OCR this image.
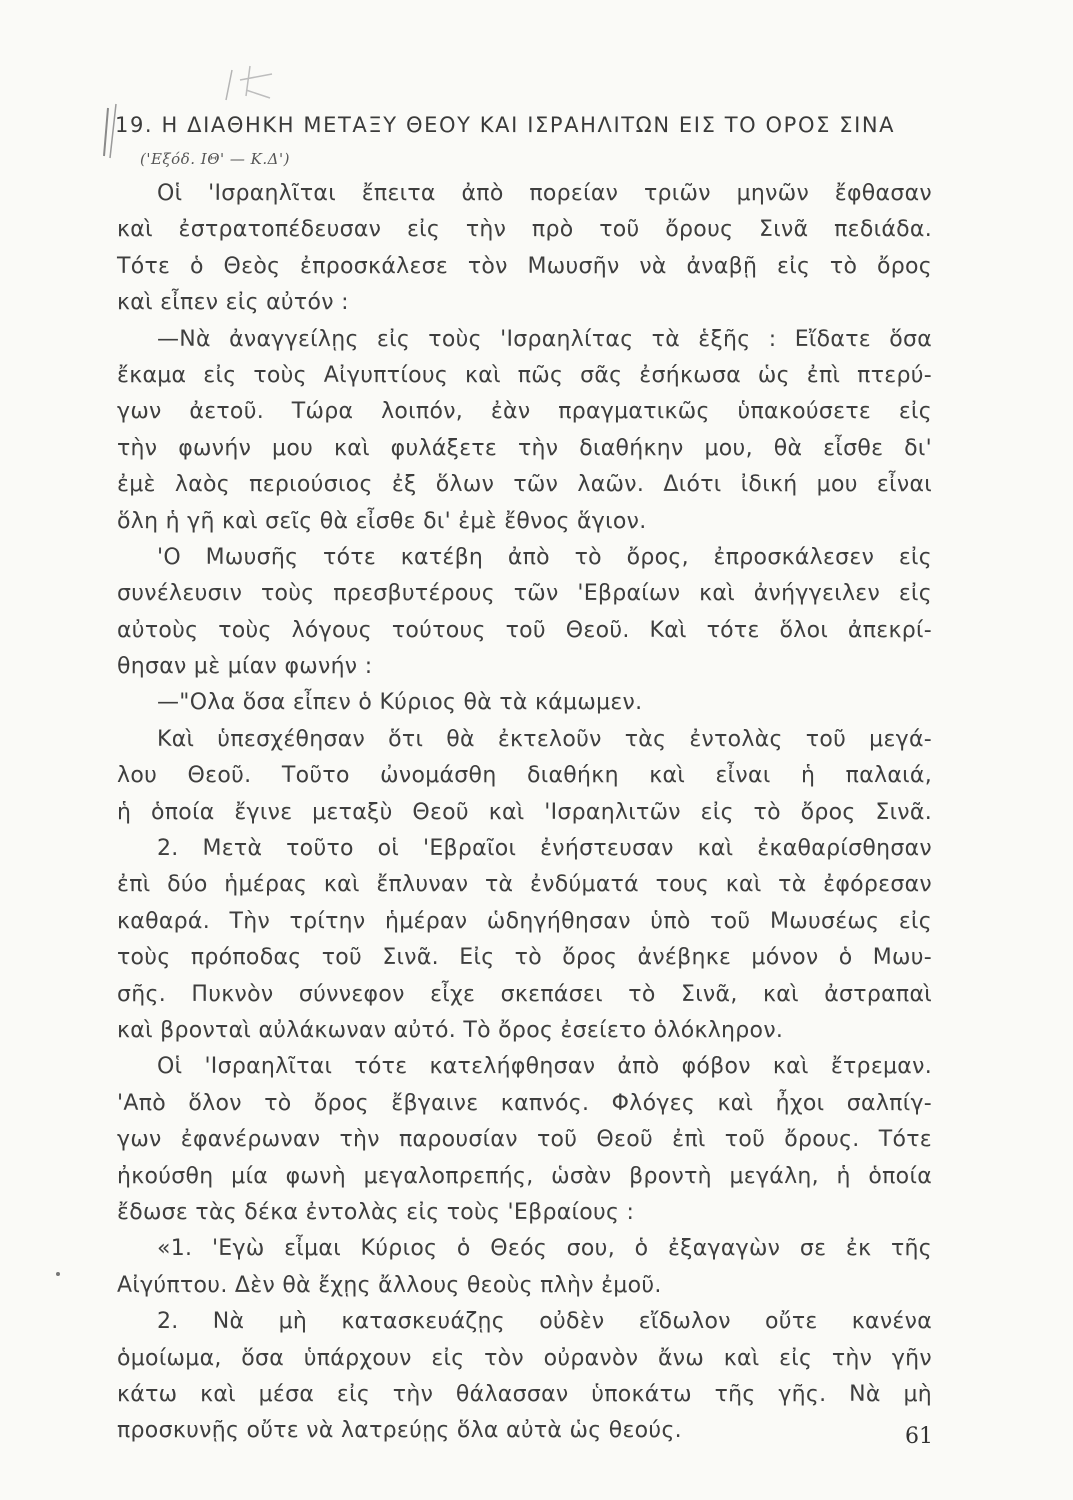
19. Η ΔΙΑΘΗΚΗ ΜΕΤΑΞΥ ΘΕΟΥ ΚΑΙ ΙΣΡΑΗΛΙΤΩΝ ΕΙΣ ΤΟ ΟΡΟΣ ΣΙΝΑ
('Εξόδ. ΙΘ' — Κ.Δ')
Οἱ 'Ισραηλῖται ἔπειτα ἀπὸ πορείαν τριῶν μηνῶν ἔφθασαν
καὶ ἐστρατοπέδευσαν εἰς τὴν πρὸ τοῦ ὄρους Σινᾶ πεδιάδα.
Τότε ὁ Θεὸς ἐπροσκάλεσε τὸν Μωυσῆν νὰ ἀναβῇ εἰς τὸ ὄρος
καὶ εἶπεν εἰς αὐτόν :
—Νὰ ἀναγγείλῃς εἰς τοὺς 'Ισραηλίτας τὰ ἑξῆς : Εἴδατε ὅσα
ἔκαμα εἰς τοὺς Αἰγυπτίους καὶ πῶς σᾶς ἐσήκωσα ὡς ἐπὶ πτερύ-
γων ἀετοῦ. Τώρα λοιπόν, ἐὰν πραγματικῶς ὑπακούσετε εἰς
τὴν φωνήν μου καὶ φυλάξετε τὴν διαθήκην μου, θὰ εἶσθε δι'
ἐμὲ λαὸς περιούσιος ἐξ ὅλων τῶν λαῶν. Διότι ἰδική μου εἶναι
ὅλη ἡ γῆ καὶ σεῖς θὰ εἶσθε δι' ἐμὲ ἔθνος ἅγιον.
'Ο Μωυσῆς τότε κατέβη ἀπὸ τὸ ὄρος, ἐπροσκάλεσεν εἰς
συνέλευσιν τοὺς πρεσβυτέρους τῶν 'Εβραίων καὶ ἀνήγγειλεν εἰς
αὐτοὺς τοὺς λόγους τούτους τοῦ Θεοῦ. Καὶ τότε ὅλοι ἀπεκρί-
θησαν μὲ μίαν φωνήν :
—"Ολα ὅσα εἶπεν ὁ Κύριος θὰ τὰ κάμωμεν.
Καὶ ὑπεσχέθησαν ὅτι θὰ ἐκτελοῦν τὰς ἐντολὰς τοῦ μεγά-
λου Θεοῦ. Τοῦτο ὠνομάσθη διαθήκη καὶ εἶναι ἡ παλαιά,
ἡ ὁποία ἔγινε μεταξὺ Θεοῦ καὶ 'Ισραηλιτῶν εἰς τὸ ὄρος Σινᾶ.
2. Μετὰ τοῦτο οἱ 'Εβραῖοι ἐνήστευσαν καὶ ἐκαθαρίσθησαν
ἐπὶ δύο ἡμέρας καὶ ἔπλυναν τὰ ἐνδύματά τους καὶ τὰ ἐφόρεσαν
καθαρά. Τὴν τρίτην ἡμέραν ὡδηγήθησαν ὑπὸ τοῦ Μωυσέως εἰς
τοὺς πρόποδας τοῦ Σινᾶ. Εἰς τὸ ὄρος ἀνέβηκε μόνον ὁ Μωυ-
σῆς. Πυκνὸν σύννεφον εἶχε σκεπάσει τὸ Σινᾶ, καὶ ἀστραπαὶ
καὶ βρονταὶ αὐλάκωναν αὐτό. Τὸ ὄρος ἐσείετο ὁλόκληρον.
Οἱ 'Ισραηλῖται τότε κατελήφθησαν ἀπὸ φόβον καὶ ἔτρεμαν.
'Απὸ ὅλον τὸ ὄρος ἔβγαινε καπνός. Φλόγες καὶ ἦχοι σαλπίγ-
γων ἐφανέρωναν τὴν παρουσίαν τοῦ Θεοῦ ἐπὶ τοῦ ὄρους. Τότε
ἠκούσθη μία φωνὴ μεγαλοπρεπής, ὡσὰν βροντὴ μεγάλη, ἡ ὁποία
ἔδωσε τὰς δέκα ἐντολὰς εἰς τοὺς 'Εβραίους :
«1. 'Εγὼ εἶμαι Κύριος ὁ Θεός σου, ὁ ἐξαγαγὼν σε ἐκ τῆς
Αἰγύπτου. Δὲν θὰ ἔχῃς ἄλλους θεοὺς πλὴν ἐμοῦ.
2. Νὰ μὴ κατασκευάζῃς οὐδὲν εἴδωλον οὔτε κανένα
ὁμοίωμα, ὅσα ὑπάρχουν εἰς τὸν οὐρανὸν ἄνω καὶ εἰς τὴν γῆν
κάτω καὶ μέσα εἰς τὴν θάλασσαν ὑποκάτω τῆς γῆς. Νὰ μὴ
προσκυνῇς οὔτε νὰ λατρεύῃς ὅλα αὐτὰ ὡς θεούς.	61
